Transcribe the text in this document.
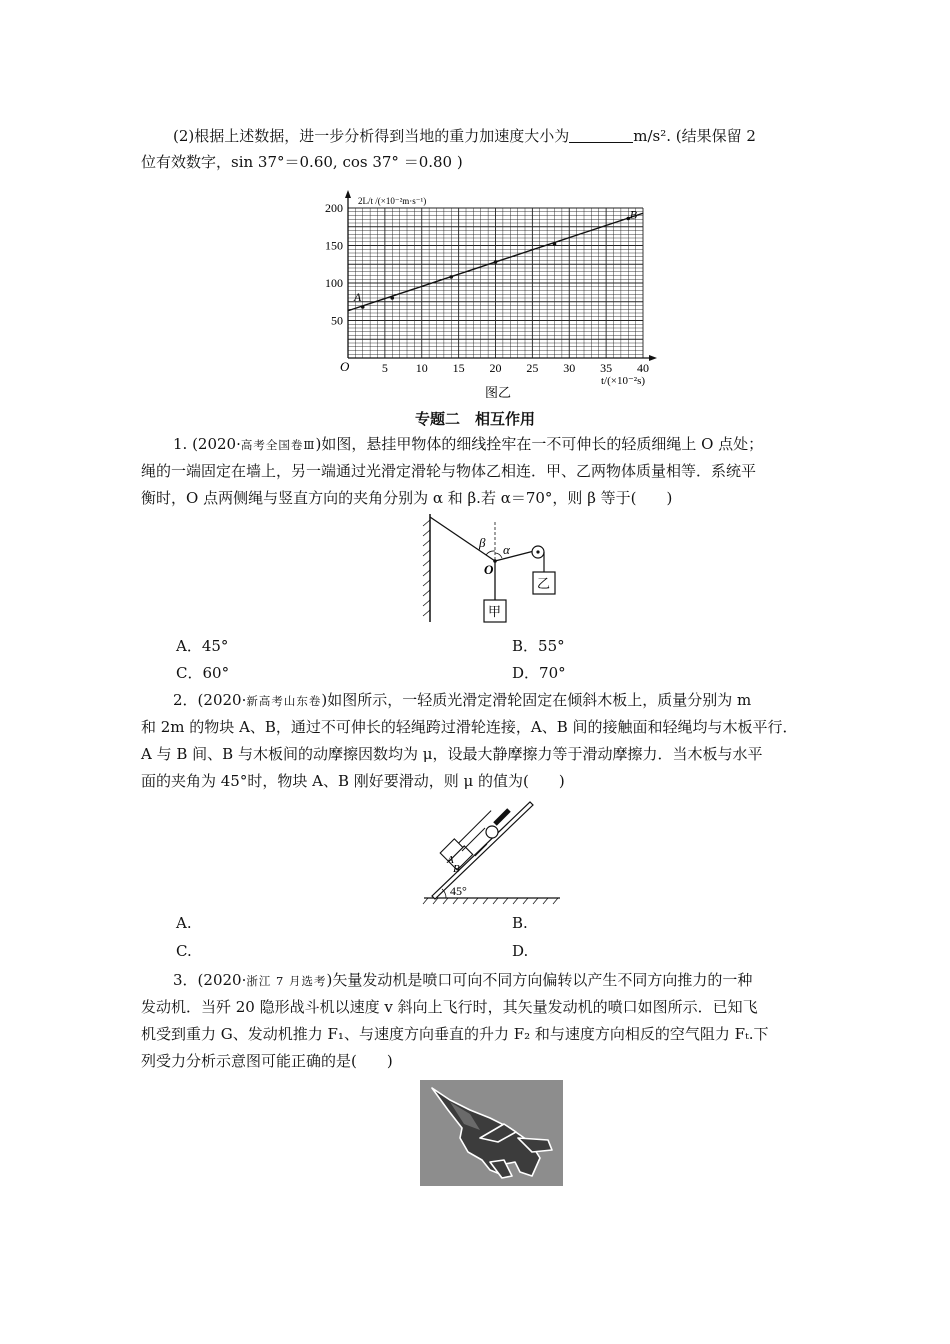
(2)根据上述数据，进一步分析得到当地的重力加速度大小为	m/s². (结果保留 2
位有效数字，sin 37°＝0.60, cos 37° ＝0.80 )
5 10 15 20 25 30 35 40
50
100
150
200
A
B
2L/t /(×10⁻²m·s⁻¹)
t/(×10⁻²s)
O
图乙
专题二　相互作用
1. (2020·高考全国卷Ⅲ)如图，悬挂甲物体的细线拴牢在一不可伸长的轻质细绳上 O 点处；
绳的一端固定在墙上，另一端通过光滑定滑轮与物体乙相连．甲、乙两物体质量相等．系统平
衡时，O 点两侧绳与竖直方向的夹角分别为 α 和 β.若 α＝70°，则 β 等于(　　)
β α
O
乙
甲
A．45°	B．55°
C．60°	D．70°
2．(2020·新高考山东卷)如图所示，一轻质光滑定滑轮固定在倾斜木板上，质量分别为 m
和 2m 的物块 A、B，通过不可伸长的轻绳跨过滑轮连接，A、B 间的接触面和轻绳均与木板平行．
A 与 B 间、B 与木板间的动摩擦因数均为 μ，设最大静摩擦力等于滑动摩擦力．当木板与水平
面的夹角为 45°时，物块 A、B 刚好要滑动，则 μ 的值为(　　)
A
B
45°
A.	B.
C.	D.
3．(2020·浙江 7 月选考)矢量发动机是喷口可向不同方向偏转以产生不同方向推力的一种
发动机．当歼 20 隐形战斗机以速度 v 斜向上飞行时，其矢量发动机的喷口如图所示．已知飞
机受到重力 G、发动机推力 F₁、与速度方向垂直的升力 F₂ 和与速度方向相反的空气阻力 Fₜ.下
列受力分析示意图可能正确的是(　　)
